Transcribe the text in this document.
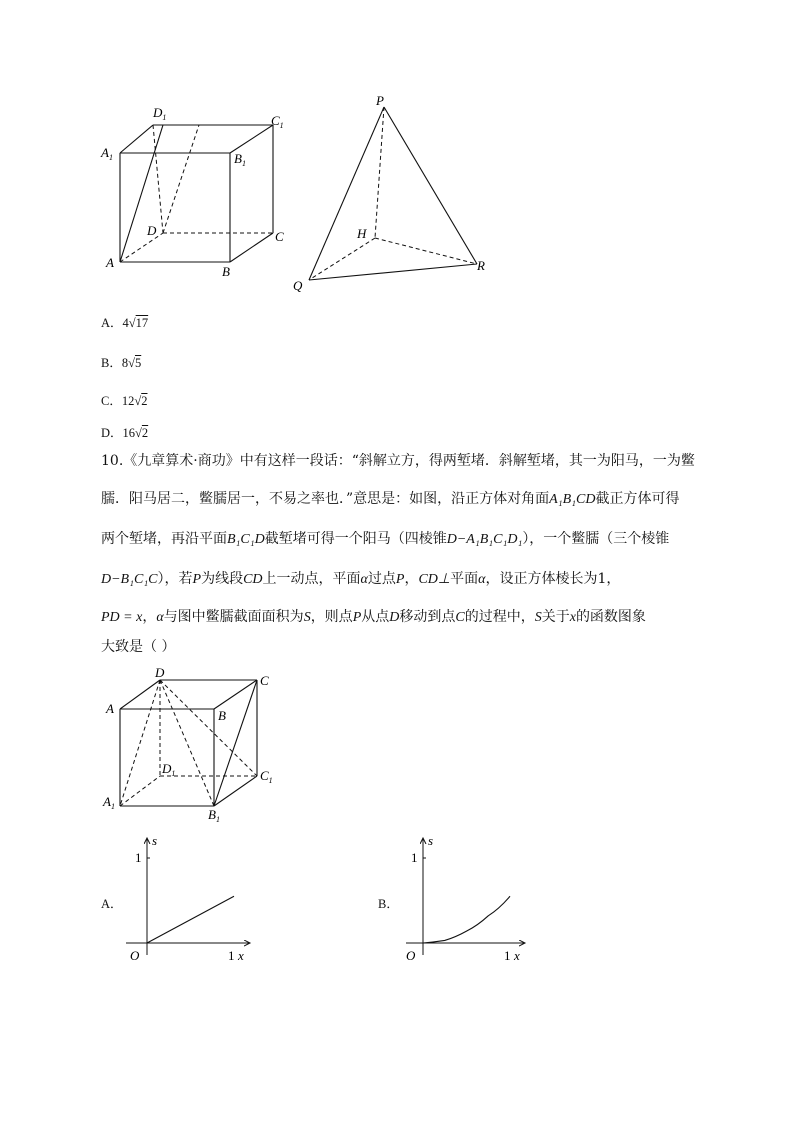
$D_1$	$C_1$
$A_1$	$B_1$
D	C
A
B
P
H
R
Q
A．4√17
B．8√5
C．12√2
D．16√2
10.《九章算术·商功》中有这样一段话：“斜解立方，得两堑堵．斜解堑堵，其一为阳马，一为鳖
臑．阳马居二，鳖臑居一，不易之率也．”意思是：如图，沿正方体对角面A₁B₁CD截正方体可得
两个堑堵，再沿平面B₁C₁D截堑堵可得一个阳马（四棱锥D−A₁B₁C₁D₁），一个鳖臑（三个棱锥
D−B₁C₁C），若P为线段CD上一动点，平面α过点P，CD⊥平面α，设正方体棱长为1，
PD = x，α与图中鳖臑截面面积为S，则点P从点D移动到点C的过程中，S关于x的函数图象
大致是（ ）
D
C
A	B
$D_1$	$C_1$
$A_1$
$B_1$
A．	B．
1
s
O	1 x
1
s
O	1 x
